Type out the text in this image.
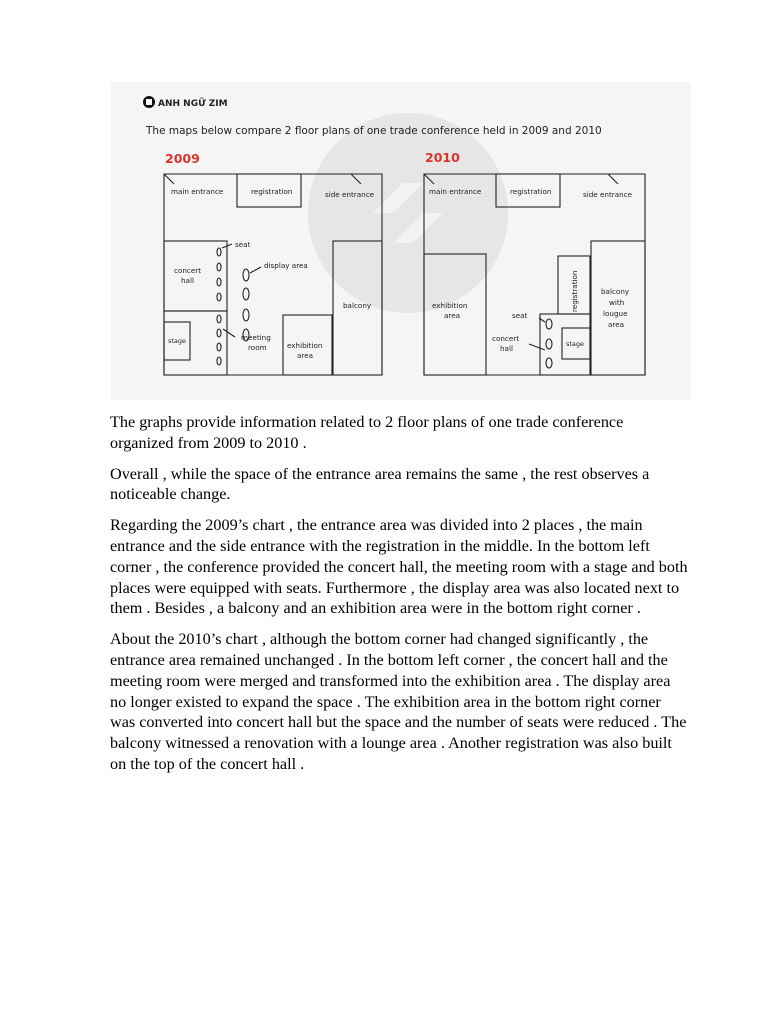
ANH NGỮ ZIM
The maps below compare 2 floor plans of one trade conference held in 2009 and 2010
2009
main entrance	registration	side entrance
seat
concert
hall
display area
balcony
stage	meeting
room	exhibition
area
2010
main entrance	registration	side entrance
registration	balcony
with
lougue
area
exhibition
area	seat
concert
hall	stage

The graphs provide information related to 2 floor plans of one trade conference organized from 2009 to 2010 .

Overall , while the space of the entrance area remains the same , the rest observes a noticeable change.

Regarding the 2009’s chart , the entrance area was divided into 2 places , the main entrance and the side entrance with the registration in the middle. In the bottom left corner , the conference provided the concert hall, the meeting room with a stage and both places were equipped with seats. Furthermore , the display area was also located next to them . Besides , a balcony and an exhibition area were in the bottom right corner .

About the 2010’s chart , although the bottom corner had changed significantly , the entrance area remained unchanged . In the bottom left corner , the concert hall and the meeting room were merged and transformed into the exhibition area . The display area no longer existed to expand the space . The exhibition area in the bottom right corner was converted into concert hall but the space and the number of seats were reduced . The balcony witnessed a renovation with a lounge area . Another registration was also built on the top of the concert hall .
